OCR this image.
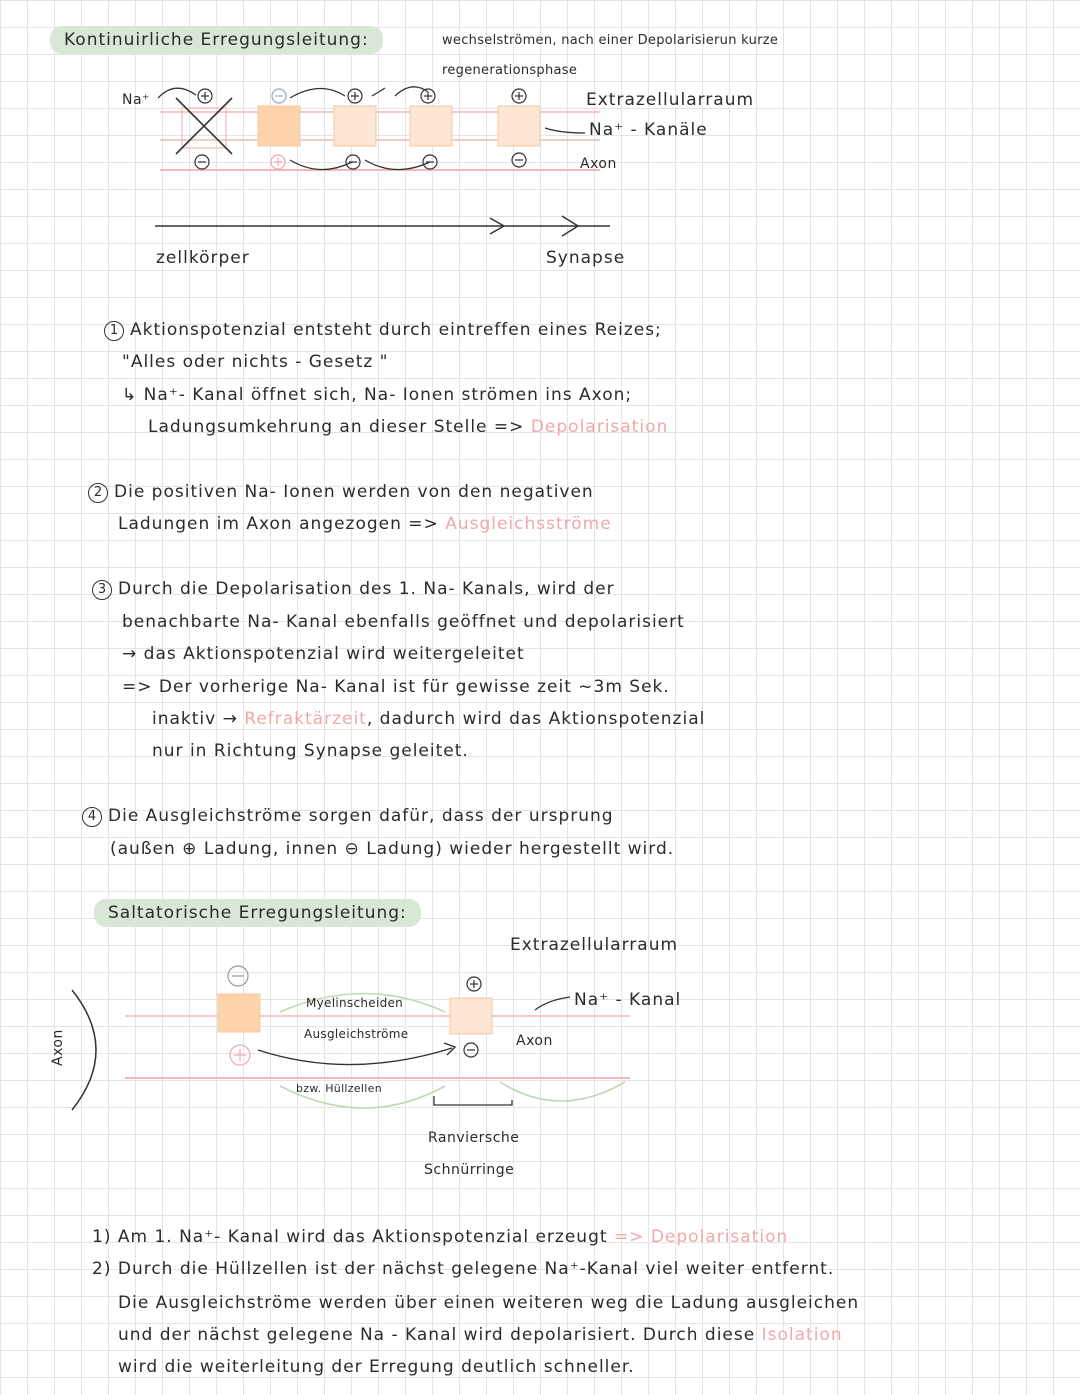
Kontinuirliche Erregungsleitung:	wechselströmen, nach einer Depolarisierun kurze
regenerationsphase
Na⁺	Extrazellularraum
Na⁺ - Kanäle
Axon
zellkörper	Synapse
1 Aktionspotenzial entsteht durch eintreffen eines Reizes;
"Alles oder nichts - Gesetz "
↳ Na⁺- Kanal öffnet sich, Na- Ionen strömen ins Axon;
Ladungsumkehrung an dieser Stelle => Depolarisation
2 Die positiven Na- Ionen werden von den negativen
Ladungen im Axon angezogen => Ausgleichsströme
3 Durch die Depolarisation des 1. Na- Kanals, wird der
benachbarte Na- Kanal ebenfalls geöffnet und depolarisiert
→ das Aktionspotenzial wird weitergeleitet
=> Der vorherige Na- Kanal ist für gewisse zeit ~3m Sek.
inaktiv → Refraktärzeit, dadurch wird das Aktionspotenzial
nur in Richtung Synapse geleitet.
4 Die Ausgleichströme sorgen dafür, dass der ursprung
(außen ⊕ Ladung, innen ⊖ Ladung) wieder hergestellt wird.
Saltatorische Erregungsleitung:
Axon
Extrazellularraum
Na⁺ - Kanal
Axon
Myelinscheiden
Ausgleichströme
bzw. Hüllzellen
Ranviersche
Schnürringe
1) Am 1. Na⁺- Kanal wird das Aktionspotenzial erzeugt => Depolarisation
2) Durch die Hüllzellen ist der nächst gelegene Na⁺-Kanal viel weiter entfernt.
Die Ausgleichströme werden über einen weiteren weg die Ladung ausgleichen
und der nächst gelegene Na - Kanal wird depolarisiert. Durch diese Isolation
wird die weiterleitung der Erregung deutlich schneller.
